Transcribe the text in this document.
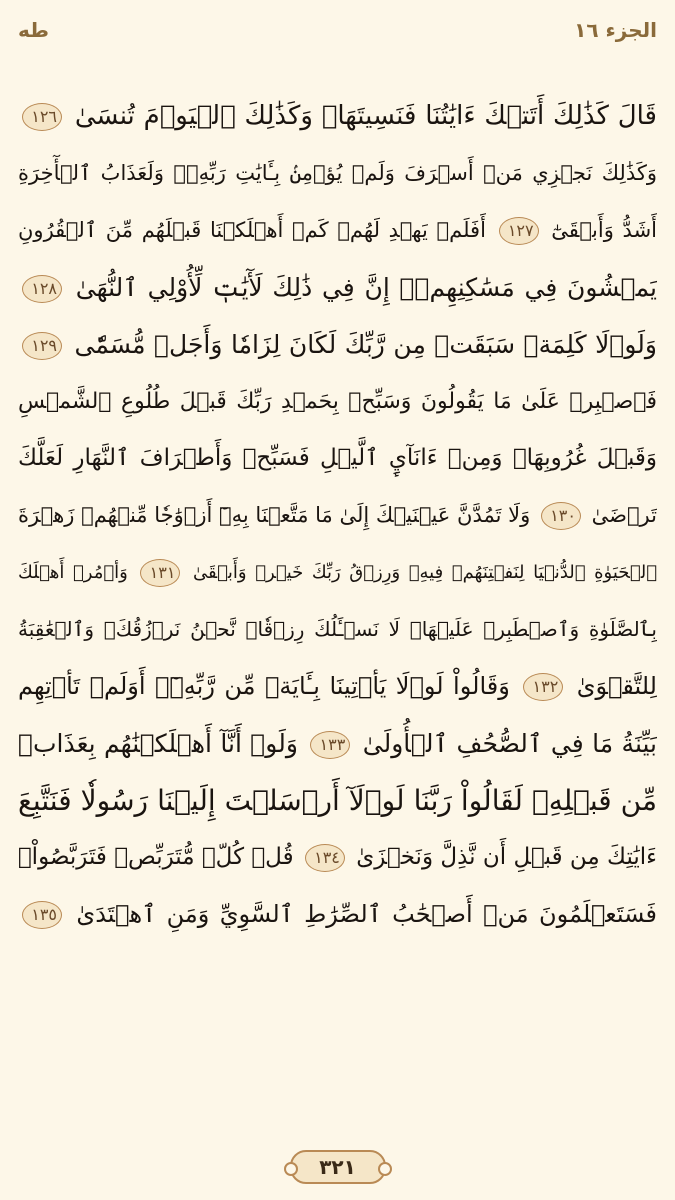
طه	الجزء ١٦
قَالَ كَذَٰلِكَ أَتَتۡكَ ءَايَٰتُنَا فَنَسِيتَهَاۖ وَكَذَٰلِكَ ٱلۡيَوۡمَ تُنسَىٰ ١٢٦
وَكَذَٰلِكَ نَجۡزِي مَنۡ أَسۡرَفَ وَلَمۡ يُؤۡمِنۢ بِـَٔايَٰتِ رَبِّهِۦۚ وَلَعَذَابُ ٱلۡأٓخِرَةِ
أَشَدُّ وَأَبۡقَىٰٓ ١٢٧ أَفَلَمۡ يَهۡدِ لَهُمۡ كَمۡ أَهۡلَكۡنَا قَبۡلَهُم مِّنَ ٱلۡقُرُونِ
يَمۡشُونَ فِي مَسَٰكِنِهِمۡۚ إِنَّ فِي ذَٰلِكَ لَأٓيَٰتٖ لِّأُوْلِي ٱلنُّهَىٰ ١٢٨
وَلَوۡلَا كَلِمَةٞ سَبَقَتۡ مِن رَّبِّكَ لَكَانَ لِزَامٗا وَأَجَلٞ مُّسَمّٗى ١٢٩
فَٱصۡبِرۡ عَلَىٰ مَا يَقُولُونَ وَسَبِّحۡ بِحَمۡدِ رَبِّكَ قَبۡلَ طُلُوعِ ٱلشَّمۡسِ
وَقَبۡلَ غُرُوبِهَاۖ وَمِنۡ ءَانَآيِٕ ٱلَّيۡلِ فَسَبِّحۡ وَأَطۡرَافَ ٱلنَّهَارِ لَعَلَّكَ
تَرۡضَىٰ ١٣٠ وَلَا تَمُدَّنَّ عَيۡنَيۡكَ إِلَىٰ مَا مَتَّعۡنَا بِهِۦٓ أَزۡوَٰجٗا مِّنۡهُمۡ زَهۡرَةَ
ٱلۡحَيَوٰةِ ٱلدُّنۡيَا لِنَفۡتِنَهُمۡ فِيهِۚ وَرِزۡقُ رَبِّكَ خَيۡرٞ وَأَبۡقَىٰ ١٣١ وَأۡمُرۡ أَهۡلَكَ
بِٱلصَّلَوٰةِ وَٱصۡطَبِرۡ عَلَيۡهَاۖ لَا نَسۡـَٔلُكَ رِزۡقٗاۖ نَّحۡنُ نَرۡزُقُكَۗ وَٱلۡعَٰقِبَةُ
لِلتَّقۡوَىٰ ١٣٢ وَقَالُواْ لَوۡلَا يَأۡتِينَا بِـَٔايَةٖ مِّن رَّبِّهِۦٓۚ أَوَلَمۡ تَأۡتِهِم
بَيِّنَةُ مَا فِي ٱلصُّحُفِ ٱلۡأُولَىٰ ١٣٣ وَلَوۡ أَنَّآ أَهۡلَكۡنَٰهُم بِعَذَابٖ
مِّن قَبۡلِهِۦ لَقَالُواْ رَبَّنَا لَوۡلَآ أَرۡسَلۡتَ إِلَيۡنَا رَسُولٗا فَنَتَّبِعَ
ءَايَٰتِكَ مِن قَبۡلِ أَن نَّذِلَّ وَنَخۡزَىٰ ١٣٤ قُلۡ كُلّٞ مُّتَرَبِّصٞ فَتَرَبَّصُواْۖ
فَسَتَعۡلَمُونَ مَنۡ أَصۡحَٰبُ ٱلصِّرَٰطِ ٱلسَّوِيِّ وَمَنِ ٱهۡتَدَىٰ ١٣٥
٣٢١
